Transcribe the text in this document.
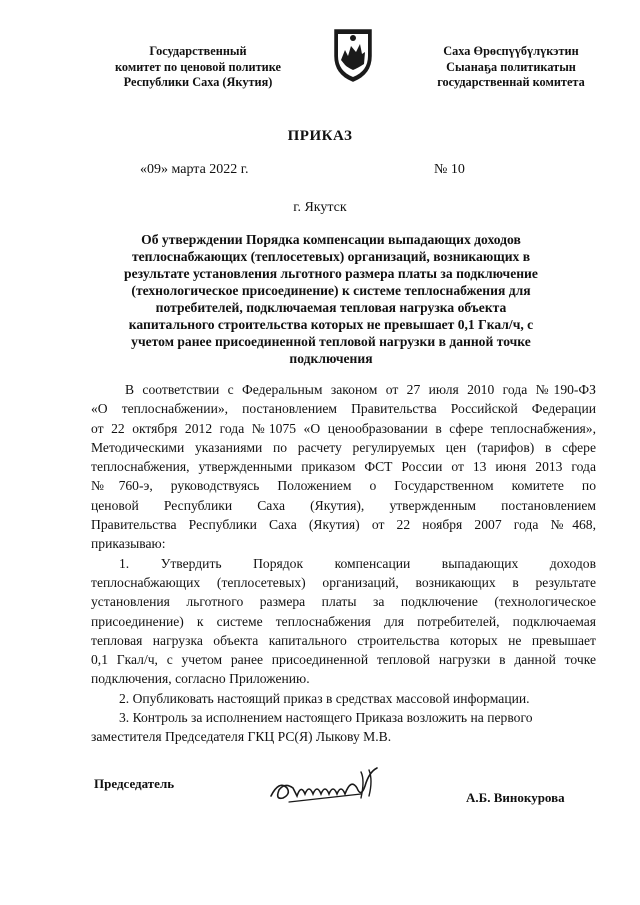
Государственный
комитет по ценовой политике
Республики Саха (Якутия)
Саха Өрөспүүбүлүкэтин
Сыанаҕа политикатын
государственнай комитета
ПРИКАЗ
«09» марта 2022 г.	№ 10
г. Якутск
Об утверждении Порядка компенсации выпадающих доходов
теплоснабжающих (теплосетевых) организаций, возникающих в
результате установления льготного размера платы за подключение
(технологическое присоединение) к системе теплоснабжения для
потребителей, подключаемая тепловая нагрузка объекта
капитального строительства которых не превышает 0,1 Гкал/ч, с
учетом ранее присоединенной тепловой нагрузки в данной точке
подключения
В соответствии с Федеральным законом от 27 июля 2010 года №190-ФЗ
«О теплоснабжении», постановлением Правительства Российской Федерации
от 22 октября 2012 года №1075 «О ценообразовании в сфере теплоснабжения»,
Методическими указаниями по расчету регулируемых цен (тарифов) в сфере
теплоснабжения, утвержденными приказом ФСТ России от 13 июня 2013 года
№760-э, руководствуясь Положением о Государственном комитете по
ценовой Республики Саха (Якутия), утвержденным постановлением
Правительства Республики Саха (Якутия) от 22 ноября 2007 года №468,
приказываю:
1. Утвердить Порядок компенсации выпадающих доходов
теплоснабжающих (теплосетевых) организаций, возникающих в результате
установления льготного размера платы за подключение (технологическое
присоединение) к системе теплоснабжения для потребителей, подключаемая
тепловая нагрузка объекта капитального строительства которых не превышает
0,1 Гкал/ч, с учетом ранее присоединенной тепловой нагрузки в данной точке
подключения, согласно Приложению.
2. Опубликовать настоящий приказ в средствах массовой информации.
3. Контроль за исполнением настоящего Приказа возложить на первого
заместителя Председателя ГКЦ РС(Я) Лыкову М.В.
Председатель
А.Б. Винокурова
